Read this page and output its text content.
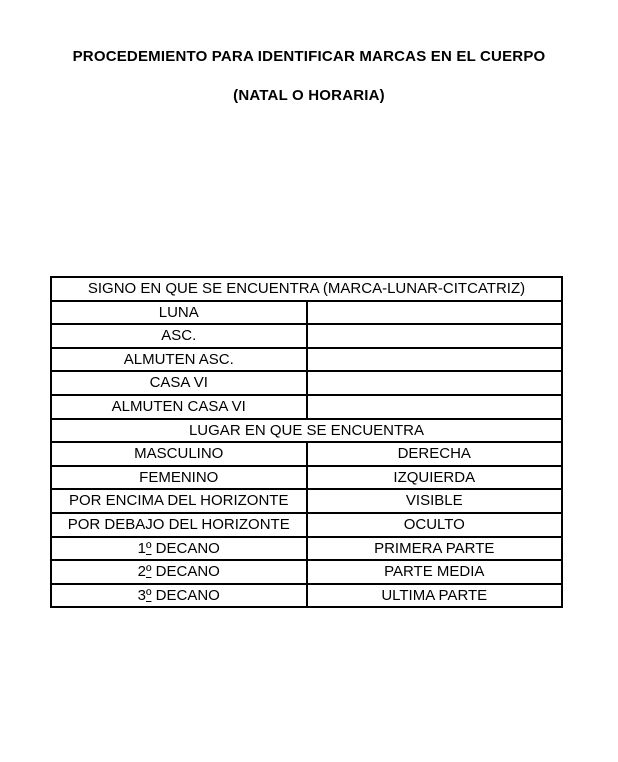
PROCEDEMIENTO PARA IDENTIFICAR MARCAS EN EL CUERPO
(NATAL O HORARIA)
SIGNO EN QUE SE ENCUENTRA (MARCA-LUNAR-CITCATRIZ)	
LUNA	
ASC.	
ALMUTEN ASC.	
CASA VI	
ALMUTEN CASA VI	
LUGAR EN QUE SE ENCUENTRA	
MASCULINO	DERECHA
FEMENINO	IZQUIERDA
POR ENCIMA DEL HORIZONTE	VISIBLE
POR DEBAJO DEL HORIZONTE	OCULTO
1º DECANO	PRIMERA PARTE
2º DECANO	PARTE MEDIA
3º DECANO	ULTIMA PARTE
